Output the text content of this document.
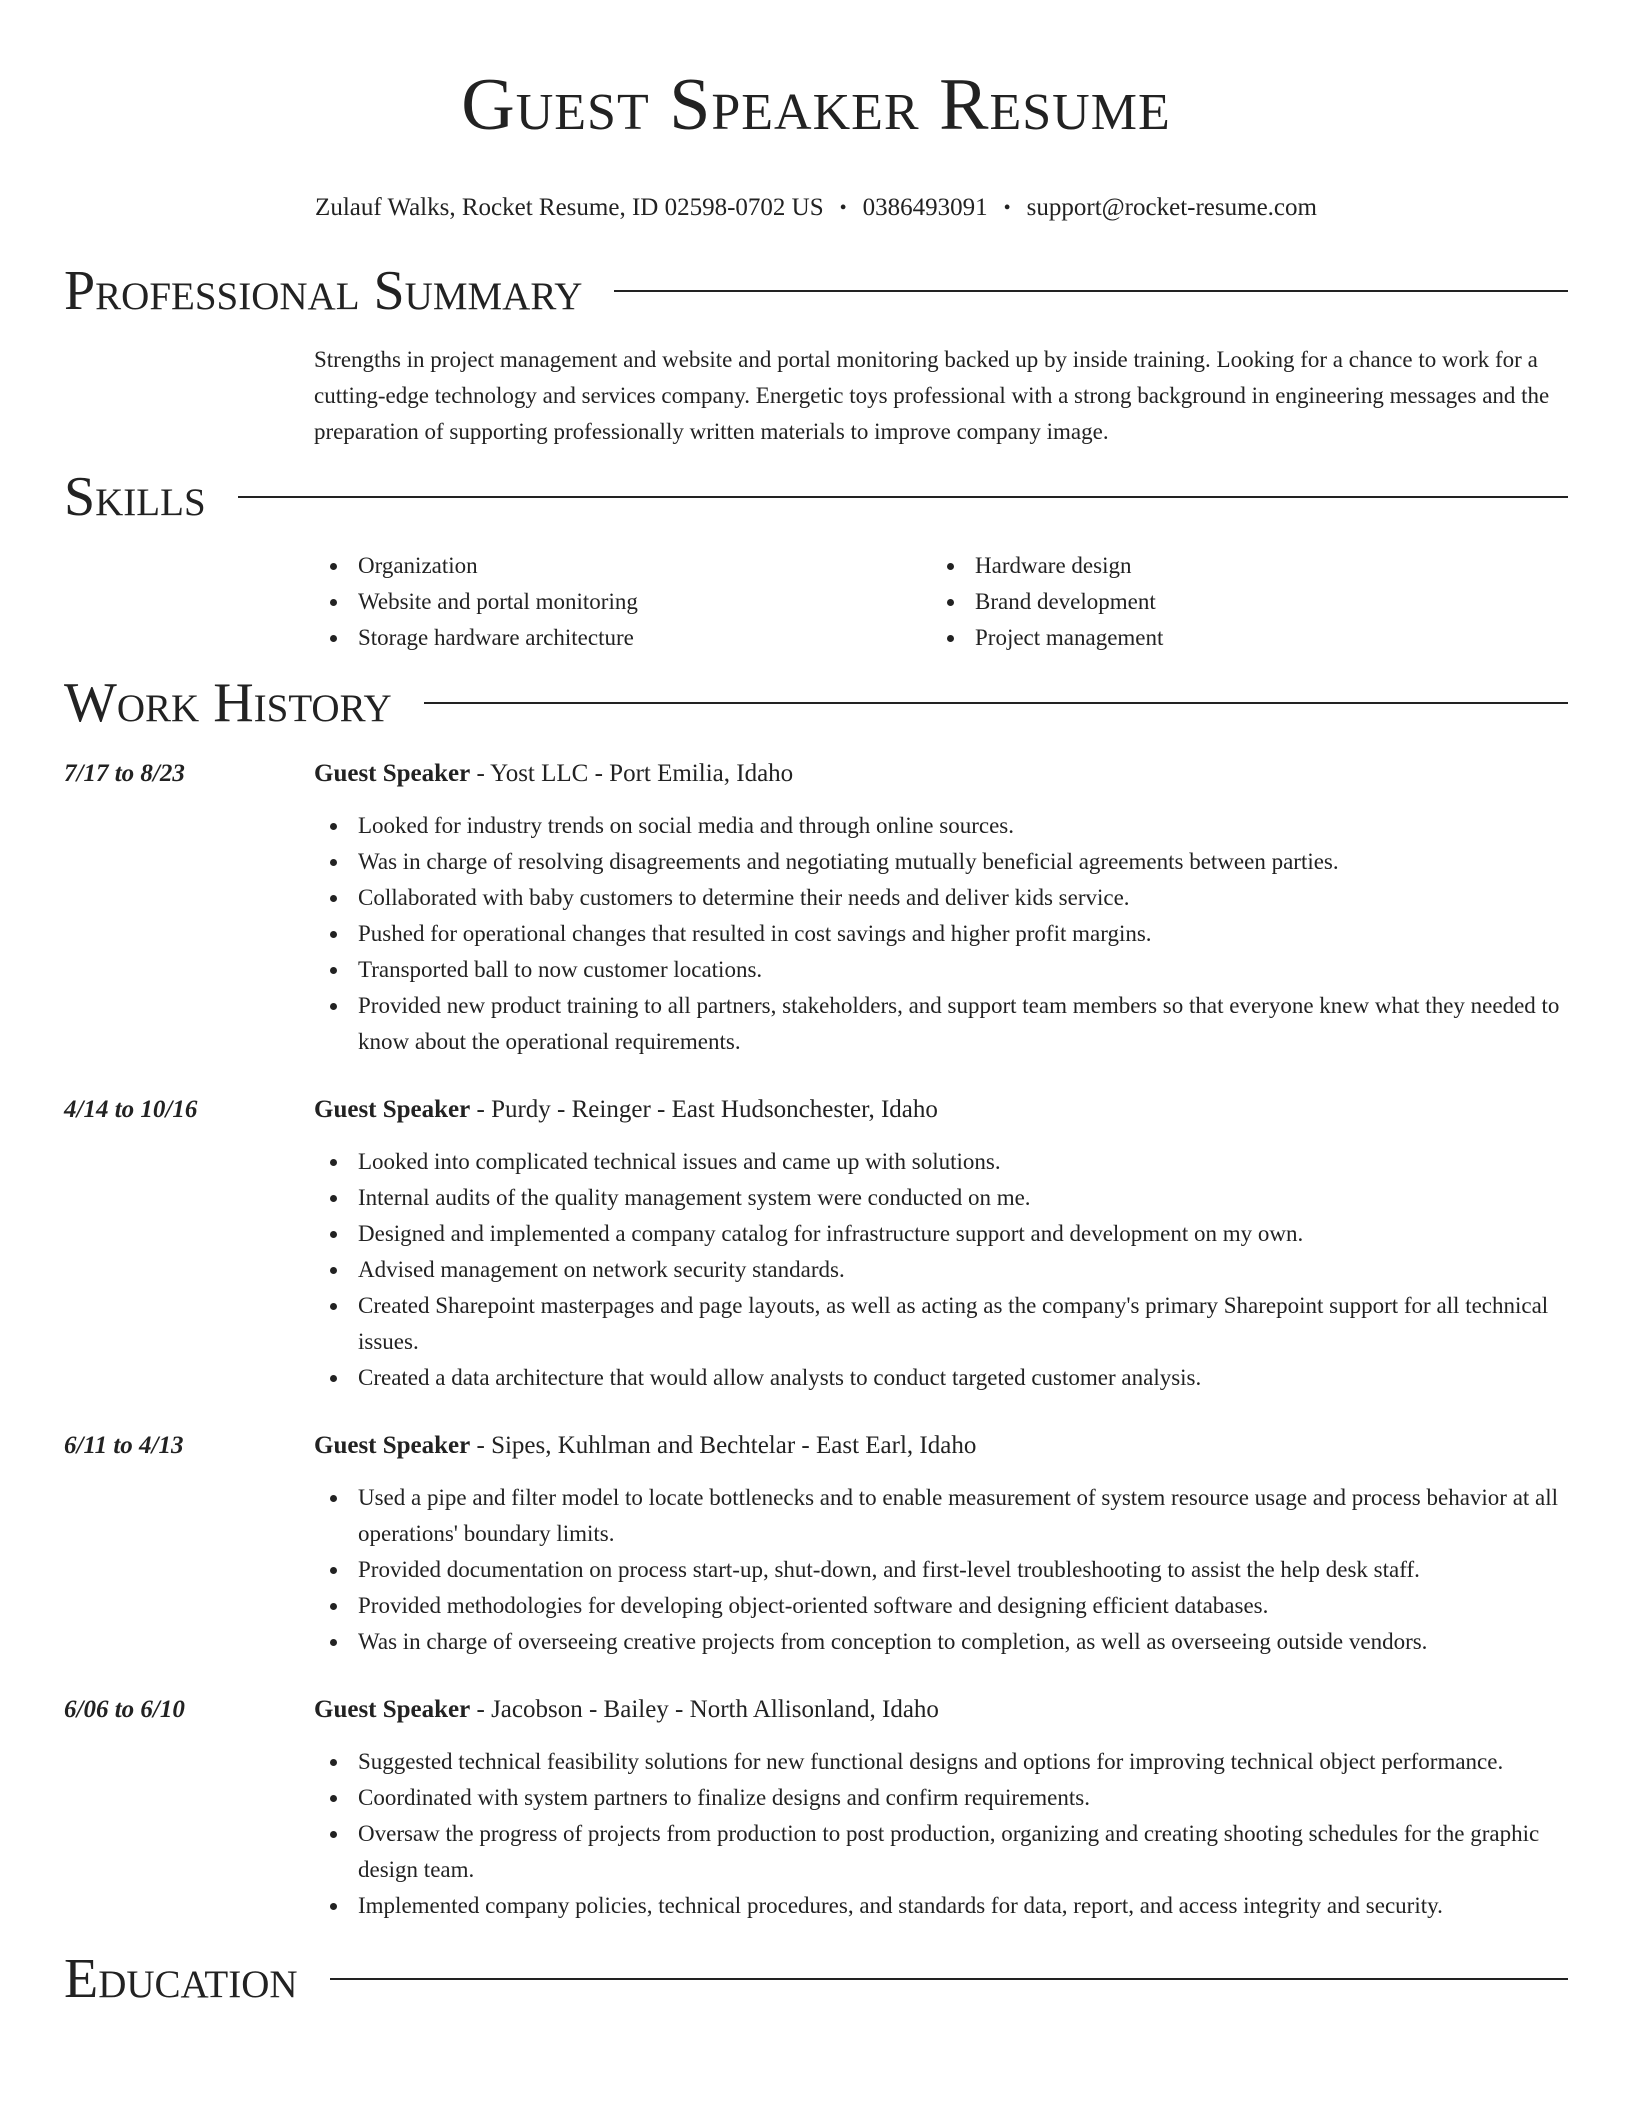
Guest Speaker Resume
Zulauf Walks, Rocket Resume, ID 02598-0702 US • 0386493091 • support@rocket-resume.com
Professional Summary
Strengths in project management and website and portal monitoring backed up by inside training. Looking for a chance to work for a cutting-edge technology and services company. Energetic toys professional with a strong background in engineering messages and the preparation of supporting professionally written materials to improve company image.
Skills
Organization
Website and portal monitoring
Storage hardware architecture
Hardware design
Brand development
Project management
Work History
7/17 to 8/23	Guest Speaker - Yost LLC - Port Emilia, Idaho
Looked for industry trends on social media and through online sources.
Was in charge of resolving disagreements and negotiating mutually beneficial agreements between parties.
Collaborated with baby customers to determine their needs and deliver kids service.
Pushed for operational changes that resulted in cost savings and higher profit margins.
Transported ball to now customer locations.
Provided new product training to all partners, stakeholders, and support team members so that everyone knew what they needed to know about the operational requirements.
4/14 to 10/16	Guest Speaker - Purdy - Reinger - East Hudsonchester, Idaho
Looked into complicated technical issues and came up with solutions.
Internal audits of the quality management system were conducted on me.
Designed and implemented a company catalog for infrastructure support and development on my own.
Advised management on network security standards.
Created Sharepoint masterpages and page layouts, as well as acting as the company's primary Sharepoint support for all technical issues.
Created a data architecture that would allow analysts to conduct targeted customer analysis.
6/11 to 4/13	Guest Speaker - Sipes, Kuhlman and Bechtelar - East Earl, Idaho
Used a pipe and filter model to locate bottlenecks and to enable measurement of system resource usage and process behavior at all operations' boundary limits.
Provided documentation on process start-up, shut-down, and first-level troubleshooting to assist the help desk staff.
Provided methodologies for developing object-oriented software and designing efficient databases.
Was in charge of overseeing creative projects from conception to completion, as well as overseeing outside vendors.
6/06 to 6/10	Guest Speaker - Jacobson - Bailey - North Allisonland, Idaho
Suggested technical feasibility solutions for new functional designs and options for improving technical object performance.
Coordinated with system partners to finalize designs and confirm requirements.
Oversaw the progress of projects from production to post production, organizing and creating shooting schedules for the graphic design team.
Implemented company policies, technical procedures, and standards for data, report, and access integrity and security.
Education
